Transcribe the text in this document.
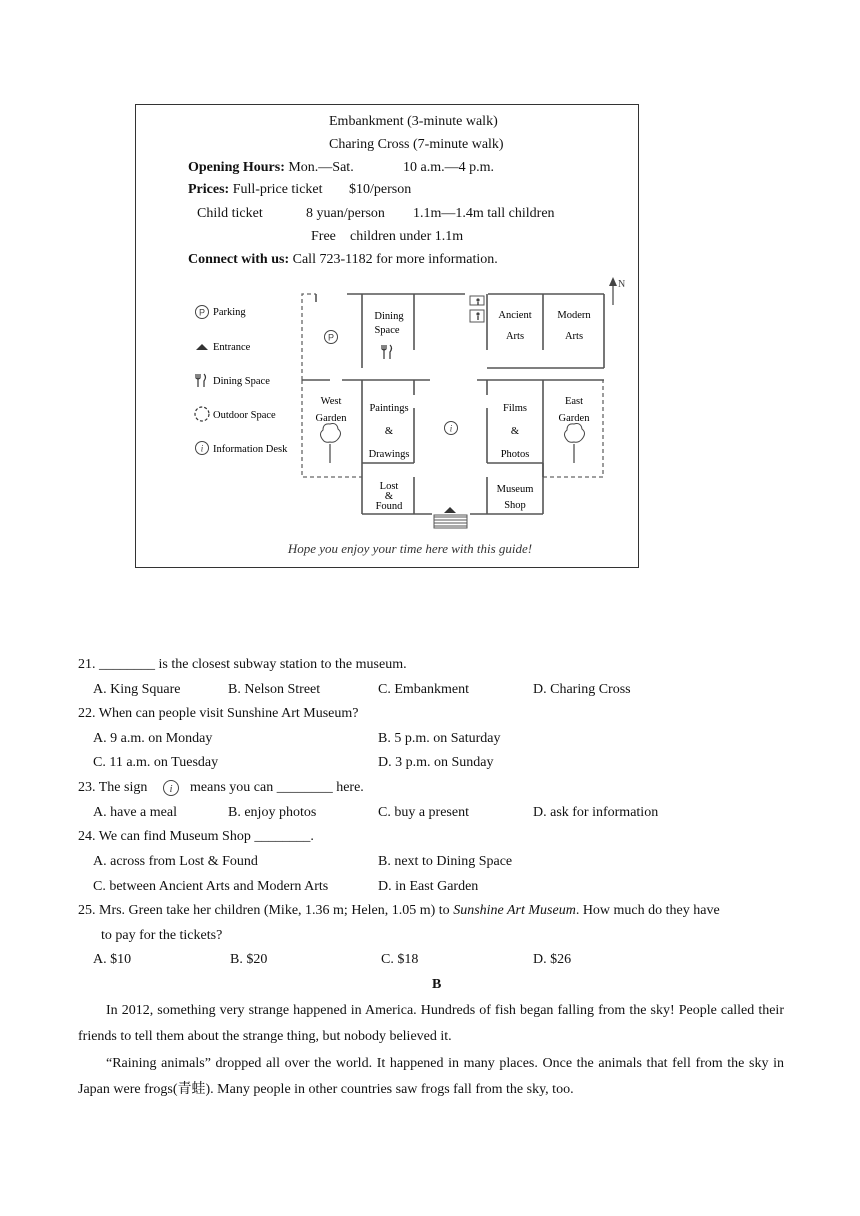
Embankment (3-minute walk)
Charing Cross (7-minute walk)
Opening Hours: Mon.—Sat.	10 a.m.—4 p.m.
Prices: Full-price ticket $10/person
Child ticket	8 yuan/person 1.1m—1.4m tall children
Free children under 1.1m
Connect with us: Call 723-1182 for more information.
P
i
Parking
Entrance
Dining Space
Outdoor Space
Information Desk
N
P
i
Dining
Space
Ancient
Arts
Modern
Arts
West
Garden
Paintings
&
Drawings
Films
&
Photos
East
Garden
Lost
&
Found
Museum
Shop
Hope you enjoy your time here with this guide!
21. ________ is the closest subway station to the museum.
A. King Square	B. Nelson Street	C. Embankment	D. Charing Cross
22. When can people visit Sunshine Art Museum?
A. 9 a.m. on Monday	B. 5 p.m. on Saturday
C. 11 a.m. on Tuesday	D. 3 p.m. on Sunday
23. The sign i means you can ________ here.
A. have a meal	B. enjoy photos	C. buy a present	D. ask for information
24. We can find Museum Shop ________.
A. across from Lost & Found	B. next to Dining Space
C. between Ancient Arts and Modern Arts	D. in East Garden
25. Mrs. Green take her children (Mike, 1.36 m; Helen, 1.05 m) to Sunshine Art Museum. How much do they have
to pay for the tickets?
A. $10	B. $20	C. $18	D. $26
B
In 2012, something very strange happened in America. Hundreds of fish began falling from the sky! People called their friends to tell them about the strange thing, but nobody believed it.
“Raining animals” dropped all over the world. It happened in many places. Once the animals that fell from the sky in Japan were frogs(青蛙). Many people in other countries saw frogs fall from the sky, too.
